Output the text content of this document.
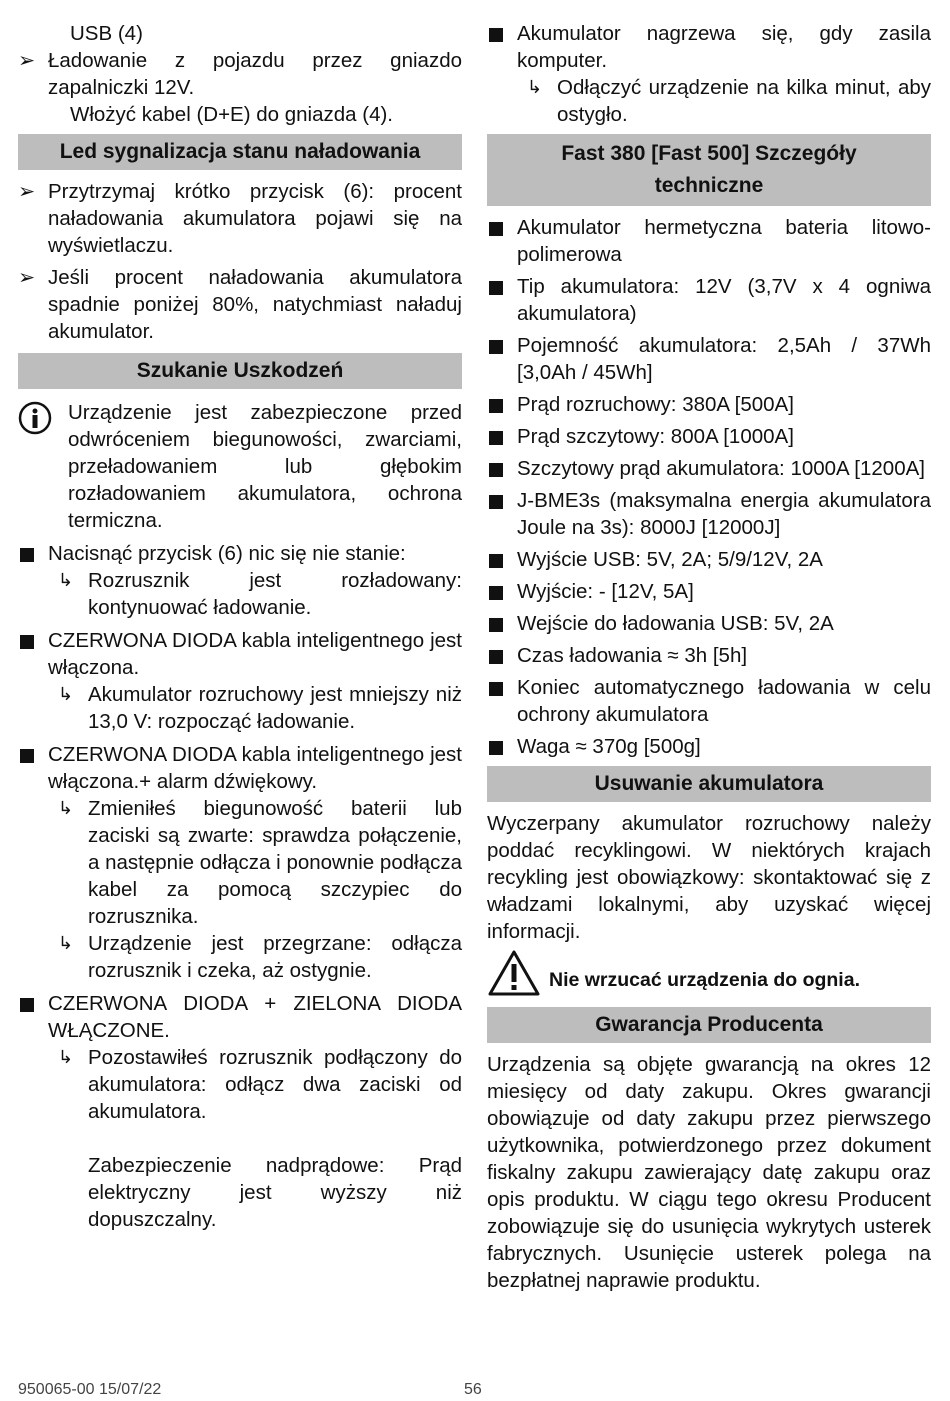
USB (4)

➢ Ładowanie z pojazdu przez gniazdo zapalniczki 12V.

Włożyć kabel (D+E) do gniazda (4).

Led sygnalizacja stanu naładowania
➢ Przytrzymaj krótko przycisk (6): procent naładowania akumulatora pojawi się na wyświetlaczu.
➢ Jeśli procent naładowania akumulatora spadnie poniżej 80%, natychmiast naładuj akumulator.
Szukanie Uszkodzeń
Urządzenie jest zabezpieczone przed odwróceniem biegunowości, zwarciami, przeładowaniem lub głębokim rozładowaniem akumulatora, ochrona termiczna.
Nacisnąć przycisk (6) nic się nie stanie:
↳ Rozrusznik jest rozładowany: kontynuować ładowanie.
CZERWONA DIODA kabla inteligentnego jest włączona.
↳ Akumulator rozruchowy jest mniejszy niż 13,0 V: rozpocząć ładowanie.
CZERWONA DIODA kabla inteligentnego jest włączona.+ alarm dźwiękowy.
↳ Zmieniłeś biegunowość baterii lub zaciski są zwarte: sprawdza połączenie, a następnie odłącza i ponownie podłącza kabel za pomocą szczypiec do rozrusznika.
↳ Urządzenie jest przegrzane: odłącza rozrusznik i czeka, aż ostygnie.
CZERWONA DIODA + ZIELONA DIODA WŁĄCZONE.
↳ Pozostawiłeś rozrusznik podłączony do akumulatora: odłącz dwa zaciski od akumulatora.
Zabezpieczenie nadprądowe: Prąd elektryczny jest wyższy niż dopuszczalny.
Akumulator nagrzewa się, gdy zasila komputer.
↳ Odłączyć urządzenie na kilka minut, aby ostygło.
Fast 380 [Fast 500] Szczegóły techniczne
Akumulator hermetyczna bateria litowo-polimerowa
Tip akumulatora: 12V (3,7V x 4 ogniwa akumulatora)
Pojemność akumulatora: 2,5Ah / 37Wh [3,0Ah / 45Wh]
Prąd rozruchowy: 380A [500A]
Prąd szczytowy: 800A [1000A]
Szczytowy prąd akumulatora: 1000A [1200A]
J-BME3s (maksymalna energia akumulatora Joule na 3s): 8000J [12000J]
Wyjście USB: 5V, 2A; 5/9/12V, 2A
Wyjście: - [12V, 5A]
Wejście do ładowania USB: 5V, 2A
Czas ładowania ≈ 3h [5h]
Koniec automatycznego ładowania w celu ochrony akumulatora
Waga ≈ 370g [500g]
Usuwanie akumulatora

Wyczerpany akumulator rozruchowy należy poddać recyklingowi. W niektórych krajach recykling jest obowiązkowy: skontaktować się z władzami lokalnymi, aby uzyskać więcej informacji.

Nie wrzucać urządzenia do ognia.
Gwarancja Producenta

Urządzenia są objęte gwarancją na okres 12 miesięcy od daty zakupu. Okres gwarancji obowiązuje od daty zakupu przez pierwszego użytkownika, potwierdzonego przez dokument fiskalny zakupu zawierający datę zakupu oraz opis produktu. W ciągu tego okresu Producent zobowiązuje się do usunięcia wykrytych usterek fabrycznych. Usunięcie usterek polega na bezpłatnej naprawie produktu.

950065-00 15/07/22	56
